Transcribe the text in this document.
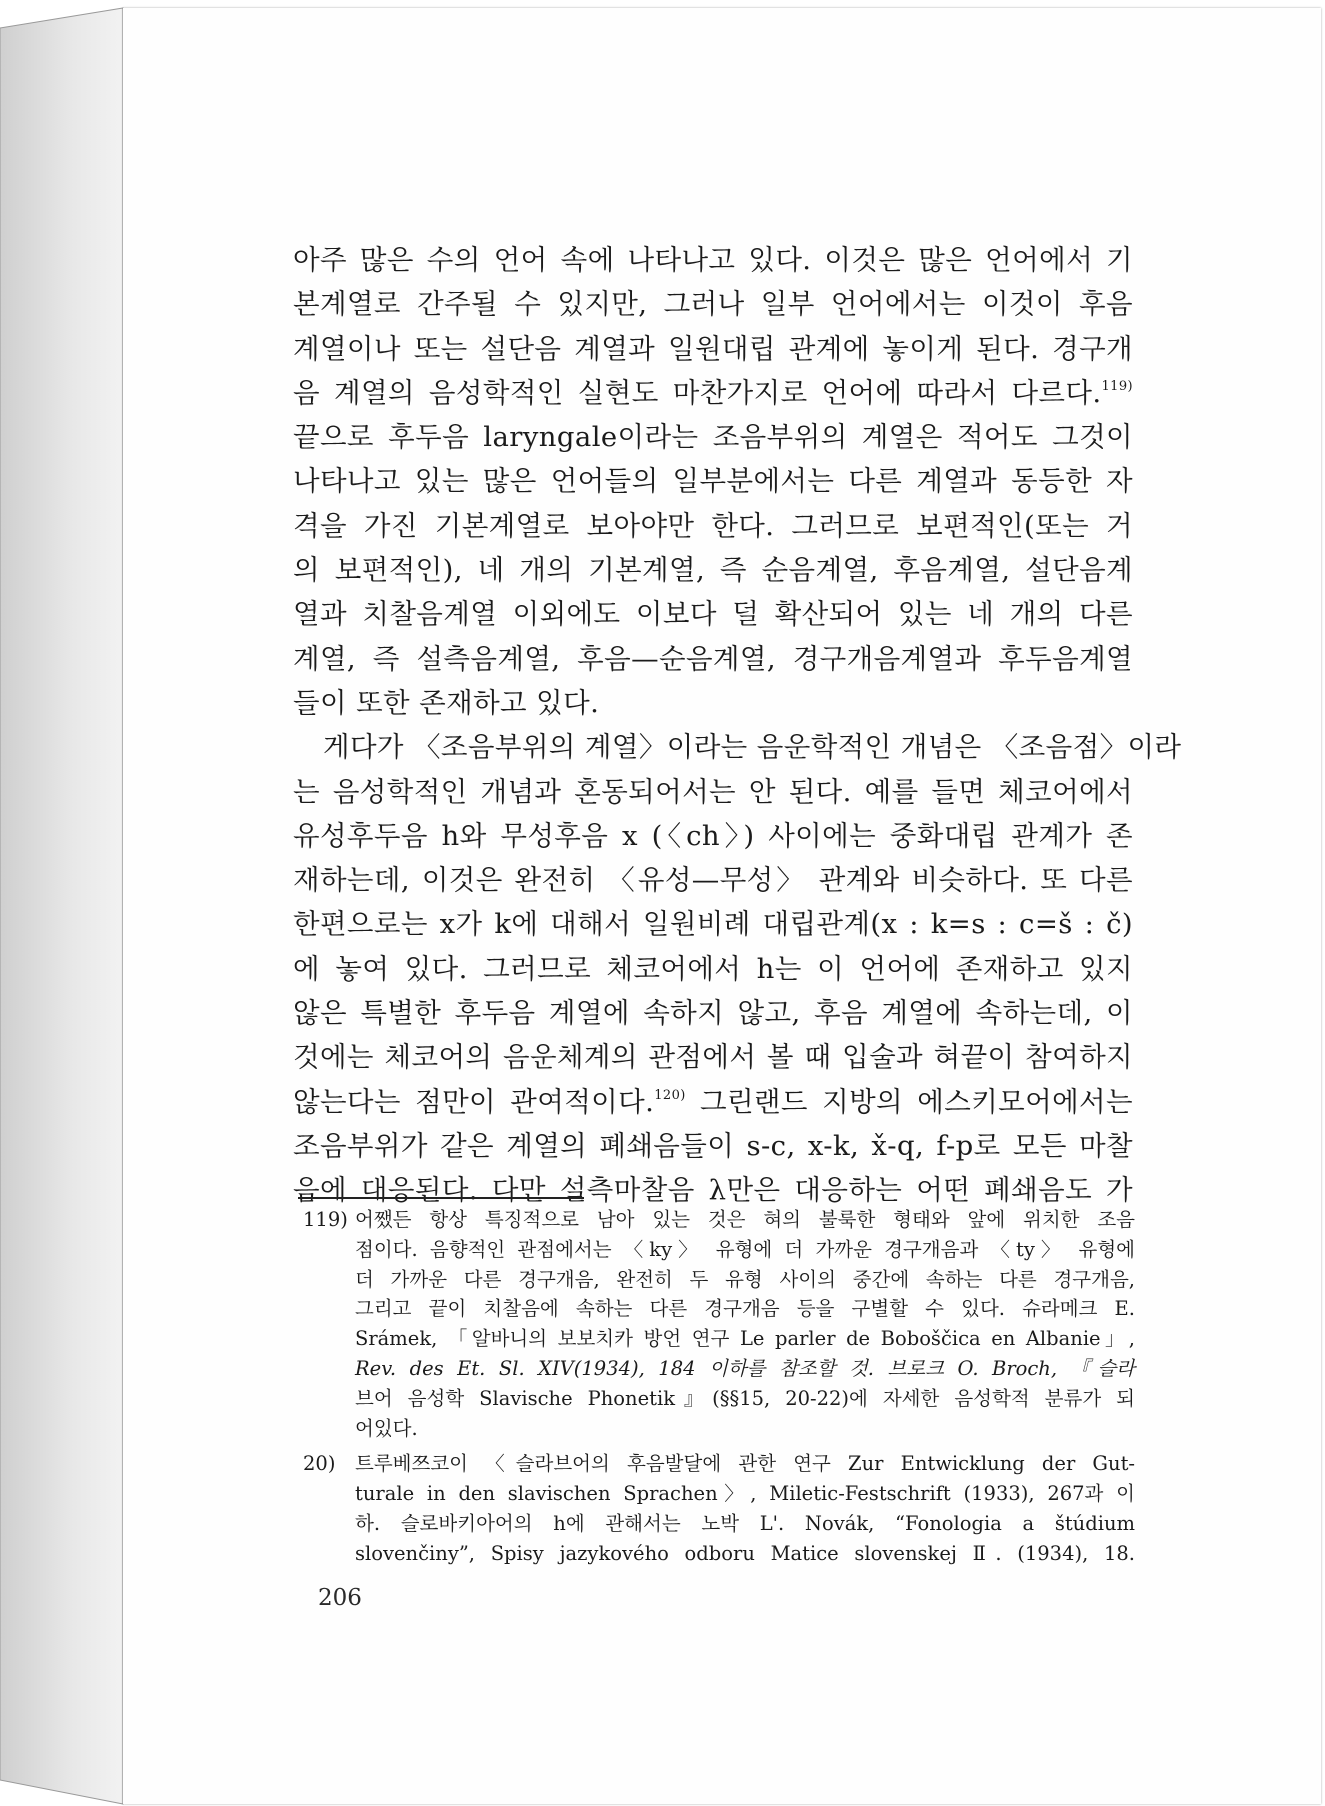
아주 많은 수의 언어 속에 나타나고 있다. 이것은 많은 언어에서 기
본계열로 간주될 수 있지만, 그러나 일부 언어에서는 이것이 후음
계열이나 또는 설단음 계열과 일원대립 관계에 놓이게 된다. 경구개
음 계열의 음성학적인 실현도 마찬가지로 언어에 따라서 다르다.$^{119)}$
끝으로 후두음 laryngale이라는 조음부위의 계열은 적어도 그것이
나타나고 있는 많은 언어들의 일부분에서는 다른 계열과 동등한 자
격을 가진 기본계열로 보아야만 한다. 그러므로 보편적인(또는 거
의 보편적인), 네 개의 기본계열, 즉 순음계열, 후음계열, 설단음계
열과 치찰음계열 이외에도 이보다 덜 확산되어 있는 네 개의 다른
계열, 즉 설측음계열, 후음—순음계열, 경구개음계열과 후두음계열
들이 또한 존재하고 있다.
게다가 〈조음부위의 계열〉이라는 음운학적인 개념은 〈조음점〉이라
는 음성학적인 개념과 혼동되어서는 안 된다. 예를 들면 체코어에서
유성후두음 h와 무성후음 x (〈ch〉) 사이에는 중화대립 관계가 존
재하는데, 이것은 완전히 〈유성—무성〉 관계와 비슷하다. 또 다른
한편으로는 x가 k에 대해서 일원비례 대립관계(x : k=s : c=š : č)
에 놓여 있다. 그러므로 체코어에서 h는 이 언어에 존재하고 있지
않은 특별한 후두음 계열에 속하지 않고, 후음 계열에 속하는데, 이
것에는 체코어의 음운체계의 관점에서 볼 때 입술과 혀끝이 참여하지
않는다는 점만이 관여적이다.$^{120)}$ 그린랜드 지방의 에스키모어에서는
조음부위가 같은 계열의 폐쇄음들이 s-c, x-k, x̌-q, f-p로 모든 마찰
음에 대응된다. 다만 설측마찰음 λ만은 대응하는 어떤 폐쇄음도 가
119) 어쨌든 항상 특징적으로 남아 있는 것은 혀의 불룩한 형태와 앞에 위치한 조음
점이다. 음향적인 관점에서는 〈ky〉 유형에 더 가까운 경구개음과 〈ty〉 유형에
더 가까운 다른 경구개음, 완전히 두 유형 사이의 중간에 속하는 다른 경구개음,
그리고 끝이 치찰음에 속하는 다른 경구개음 등을 구별할 수 있다. 슈라메크 E.
Srámek, 「알바니의 보보치카 방언 연구 Le parler de Boboščica en Albanie」,
Rev. des Et. Sl. XIV(1934), 184 이하를 참조할 것. 브로크 O. Broch, 『슬라
브어 음성학 Slavische Phonetik』(§§15, 20-22)에 자세한 음성학적 분류가 되
어있다.
20) 트루베쯔코이 〈슬라브어의 후음발달에 관한 연구 Zur Entwicklung der Gut-
turale in den slavischen Sprachen〉, Miletic-Festschrift (1933), 267과 이
하. 슬로바키아어의 h에 관해서는 노박 L'. Novák, “Fonologia a štúdium
slovenčiny”, Spisy jazykového odboru Matice slovenskej Ⅱ. (1934), 18.
206
